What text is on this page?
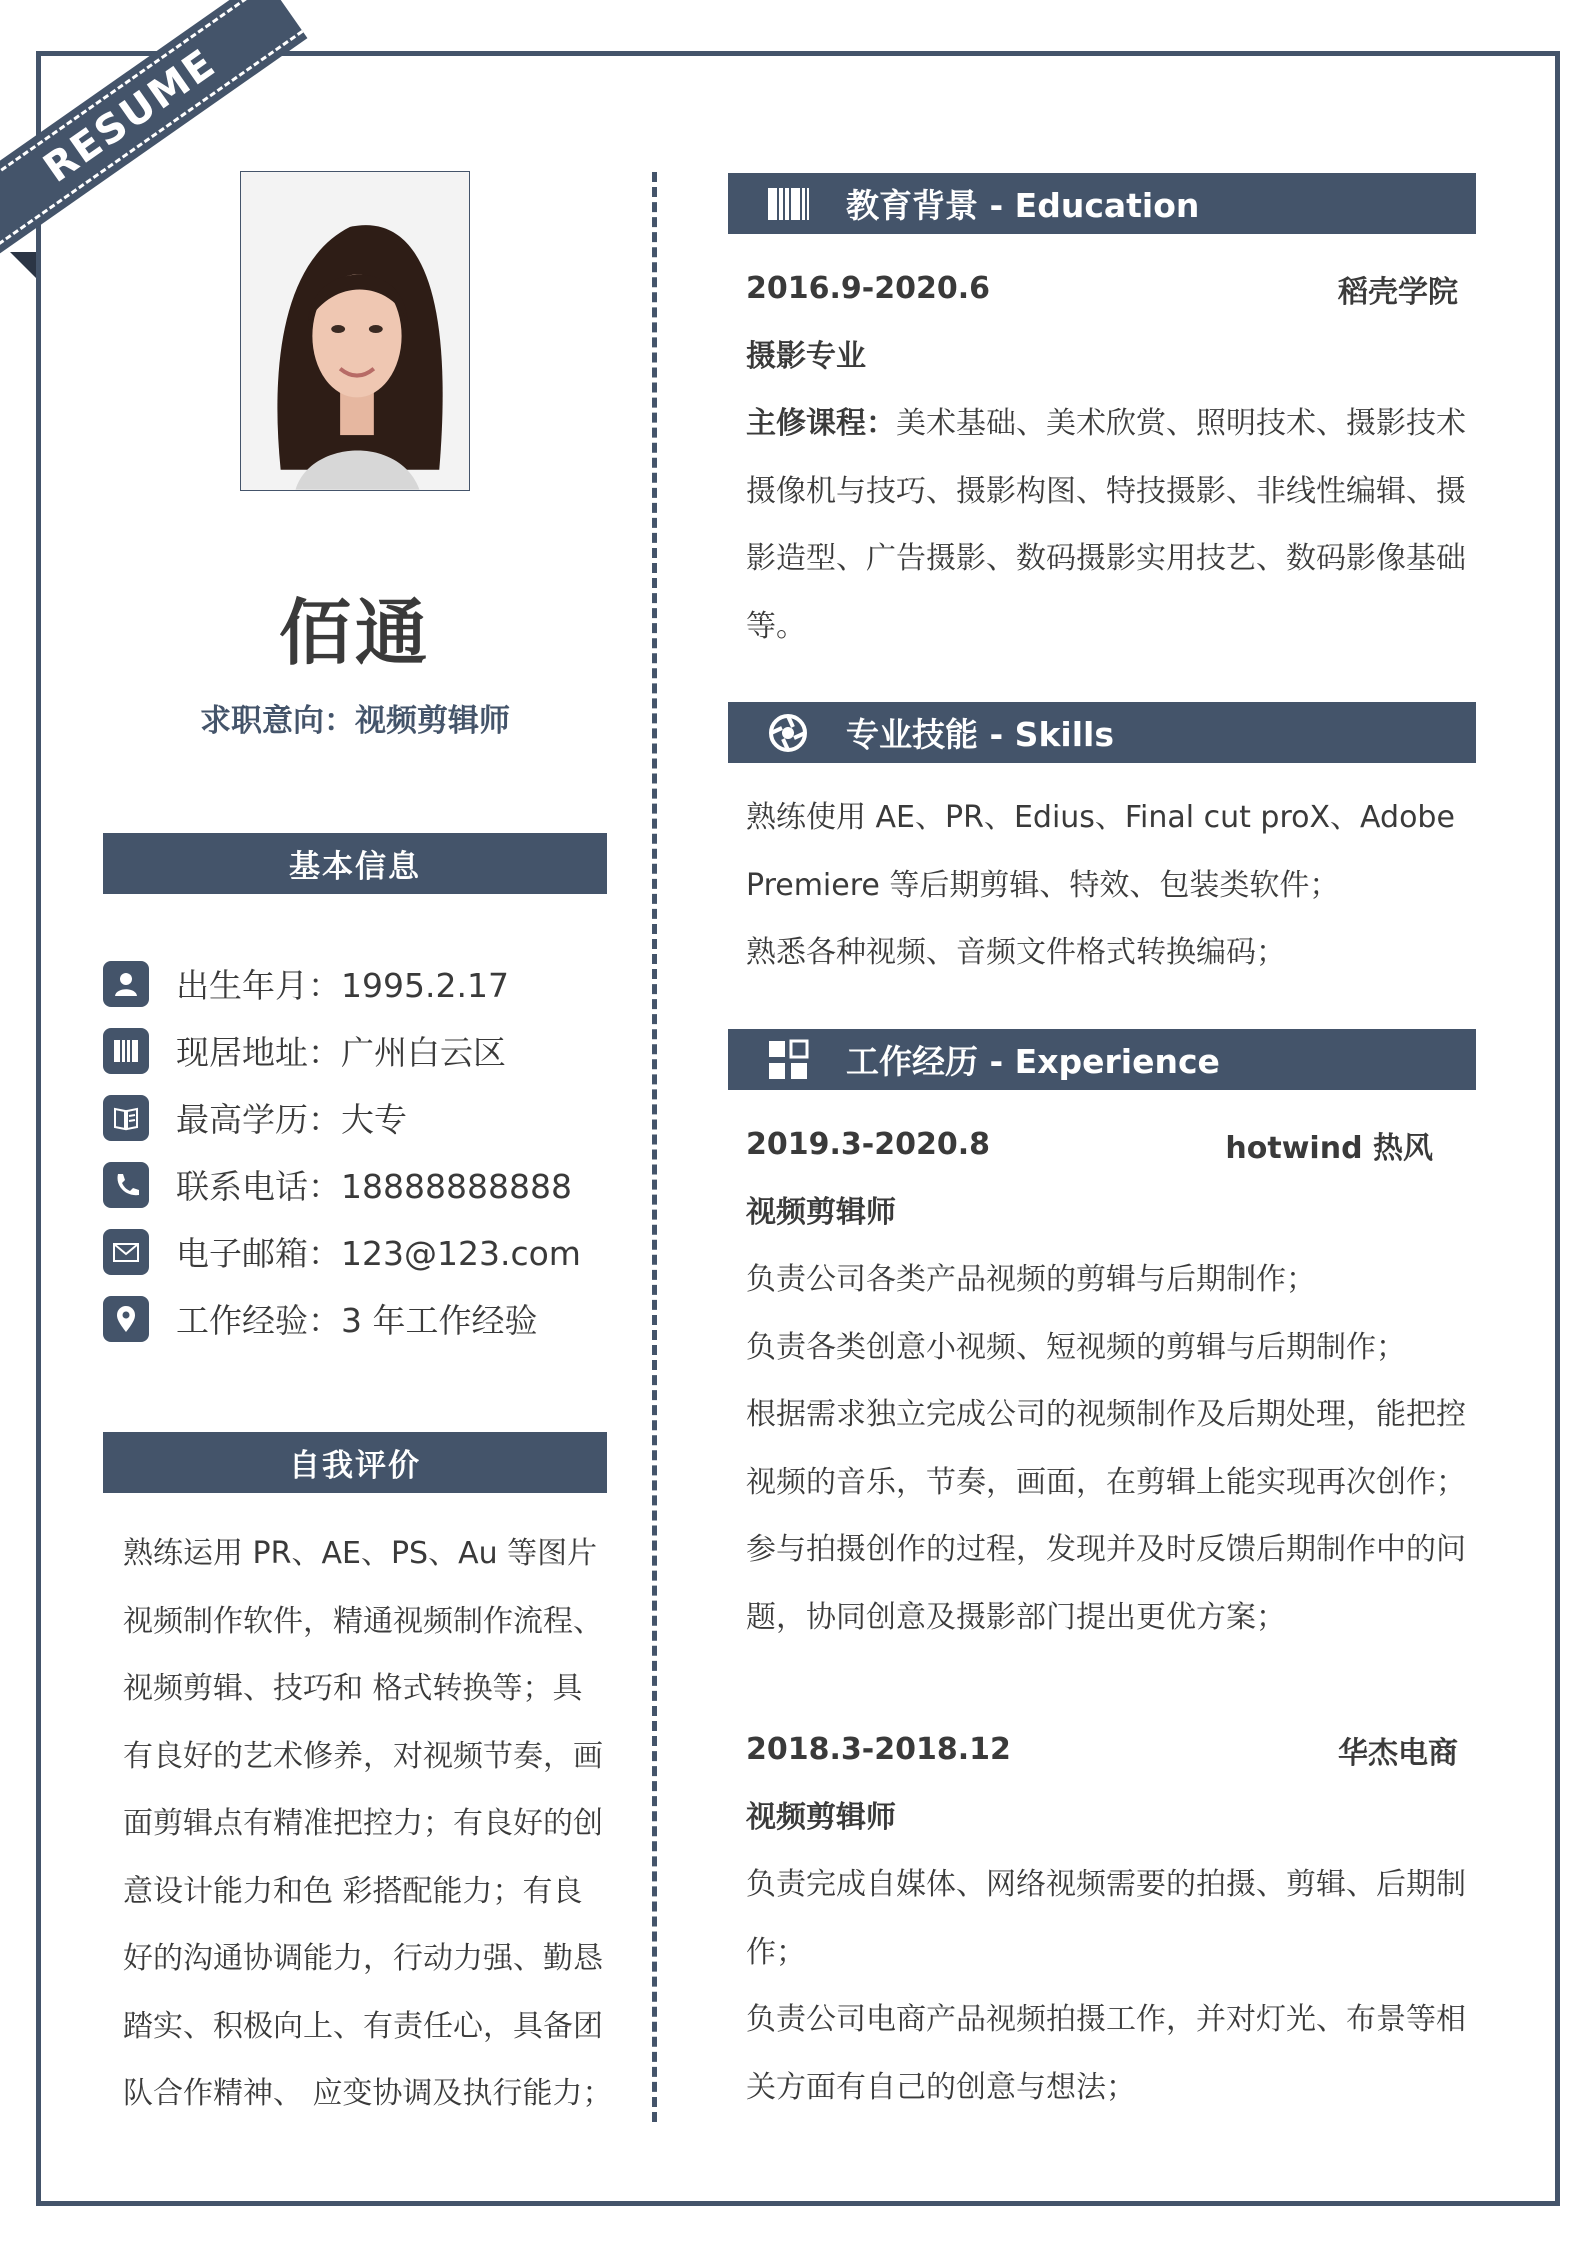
RESUME
佰通
求职意向：视频剪辑师
基本信息
出生年月：1995.2.17
现居地址：广州白云区
最高学历：大专
联系电话：18888888888
电子邮箱：123@123.com
工作经验：3 年工作经验
自我评价

熟练运用 PR、AE、PS、Au 等图片

视频制作软件，精通视频制作流程、

视频剪辑、技巧和 格式转换等；具

有良好的艺术修养，对视频节奏，画

面剪辑点有精准把控力；有良好的创

意设计能力和色 彩搭配能力；有良

好的沟通协调能力，行动力强、勤恳

踏实、积极向上、有责任心，具备团

队合作精神、 应变协调及执行能力；

教育背景 - Education
2016.9-2020.6	稻壳学院
摄影专业
主修课程：美术基础、美术欣赏、照明技术、摄影技术
摄像机与技巧、摄影构图、特技摄影、非线性编辑、摄
影造型、广告摄影、数码摄影实用技艺、数码影像基础
等。
专业技能 - Skills
熟练使用 AE、PR、Edius、Final cut proX、Adobe
Premiere 等后期剪辑、特效、包装类软件；
熟悉各种视频、音频文件格式转换编码；
工作经历 - Experience
2019.3-2020.8	hotwind 热风
视频剪辑师
负责公司各类产品视频的剪辑与后期制作；
负责各类创意小视频、短视频的剪辑与后期制作；
根据需求独立完成公司的视频制作及后期处理，能把控
视频的音乐，节奏，画面，在剪辑上能实现再次创作；
参与拍摄创作的过程，发现并及时反馈后期制作中的问
题，协同创意及摄影部门提出更优方案；
2018.3-2018.12	华杰电商
视频剪辑师
负责完成自媒体、网络视频需要的拍摄、剪辑、后期制
作；
负责公司电商产品视频拍摄工作，并对灯光、布景等相
关方面有自己的创意与想法；
